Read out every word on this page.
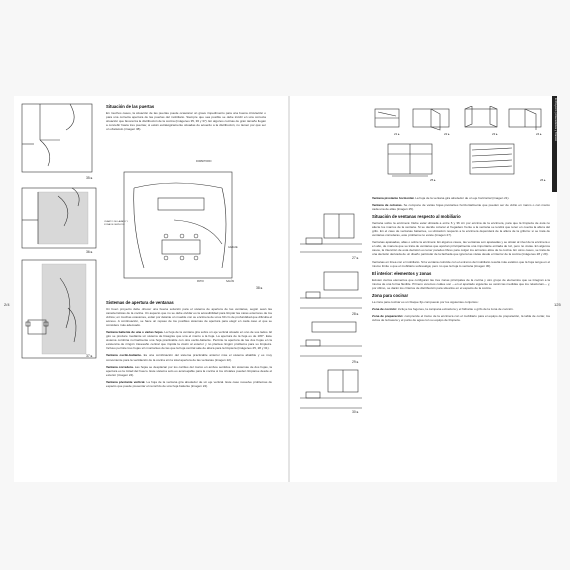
35 ▸
36 ▸
37 ▸
DORMITORIO
CUARTO DE LAVADO Y ZONA DE SERVICIO
GARAJE
SALÓN
PATIO
38 ▸
Situación de las puertas
En muchos casos, la situación de las puertas puede ocasionar un grave impedimento para una buena circulación o para una correcta apertura de las puertas del mobiliario. Siempre que sea posible se debe incidir en una correcta situación que favorezca la distribución de la cocina (imágenes 35, 36 y 37). En algunos cocinas de gran tamaño llegan a concebir hasta tres puertas; si están estratégicamente situadas de acuerdo a la distribución, no tienen por qué ser un obstáculo (imagen 38).
Sistemas de apertura de ventanas
Un buen proyecto debe ofrecer una buena solución para el sistema de apertura de las ventanas, según sean las características de la cocina. Un aspecto que no se debe olvidar es la accesibilidad para limpiar las caras exteriores de los vidrios; en muchas ocasiones, evitar por delante un mueble con su encimera de unos 60 cm de profundidad que dificulta el acceso. A continuación, se hace un repaso de los posibles sistemas de apertura para elegir en cada caso el que se considere más adecuado.
Ventana batiente de una o varias hojas. La hoja de la ventana gira sobre un eje vertical situado en uno de sus lados. El giro se produce mediante un sistema de bisagras que una el marco a la hoja. La apertura de la hoja es de 180°. Este sistema combina normalmente una hoja practicable con otra oscilo-batiente. Permite la apertura de las dos hojas en la existencia de ningún travesaño central que impida la visión al exterior y no plantea ningún problema para su limpieza. Incluso permite tres hojas sin montantes de las que la hoja central sale de altura para la limpieza (imágenes 25, 28 y 31).
Ventana oscilo-batiente. Es una combinación del sistema practicable anterior más el sistema abatible y es muy conveniente para la ventilación de la cocina sin la total apertura de las ventanas (imagen 22).
Ventana corredera. Las hojas se desplazan por los carriles del marco en ambos sentidos. En sistemas de dos hojas, la apertura es la mitad del hueco. Este sistema solo es aconsejable para la cocina si los cristales pueden limpiarse desde el exterior (imagen 24).
Ventana pivotante vertical. La hoja de la ventana gira alrededor de un eje vertical. Este caso resuelve problemas de espacio que puede presentar el recorrido de una hoja batiente (imagen 24).
2/4
27 ▸
28 ▸
29 ▸
30 ▸
21 ▸	22 ▸	23 ▸	24 ▸
25 ▸	26 ▸
El Proyecto | Antecedentes y Tránsito
Ventana pivotante horizontal. La hoja de la ventana gira alrededor de un eje horizontal (imagen 21).
Ventana de celosías. Se compone de varias hojas pivotantes horizontalmente que pueden ser de vidrio en marco o con marco cada una de ellas (imagen 25).
Situación de ventanas respecto al mobiliario
Ventana sobre la encimera: Debe estar ubicada a entre 6 y 36 cm por encima de la encimera, para que la limpieza de ésta no afecte los marcos de la ventana. Si se decide colocar el fregadero frente a la ventana se tendrá que tener en cuenta la altura del grifo. En el caso de ventanas batientes, su ubicación respecto a la encimera dependerá de la altura de la grifería: si se trata de ventanas correderas, este problema no existe (imagen 27).
Ventanas apaisadas, altas o sobre la encimera: En algunos casos, las ventanas son apaisadas y se sitúan al nivel de la encimera o en alto, de manera que se trata de ventanas que aportan principalmente una importante entrada de luz, pero no vistas. En algunos casos, la intención de esta decisión es tener paredes libres para colgar los armarios altos de la cocina. En otros casos, se trata de una decisión derivada de un diseño particular de la fachada que ignora las vistas desde el interior de la cocina (imágenes 28 y 29).
Ventanas en línea con el mobiliario. Si la ventana coincide con el extremo del mobiliario resulta más estético que la hoja tenga en el mismo límite o que el mobiliario sobresalga; pero no que la hoja lo ventana (imagen 30).
El interior: elementos y zonas
Existen ciertos elementos que configuran las tres zonas principales de la cocina y otro grupo de elementos que se integran a la misma de una forma flexible. Primero veremos cuáles son —en el apartado siguiente se verán las medidas que los relacionan— y, por último, se darán los criterios de distribución para situarlos en el espacio de la cocina.
Zona para cocinar
La zona para cocinar es un bloque fijo compuesto por los siguientes conjuntos:
Zona de cocción: incluye los fogones, la campana extractora y el hidrante o grifo de la zona de cocción.
Zona de preparación: comprende el tramo de la encimera con el mobiliario para el equipo de preparación, la tabla de cortar, los cubos de la basura y el punto de agua con su equipo de limpieza.
125
